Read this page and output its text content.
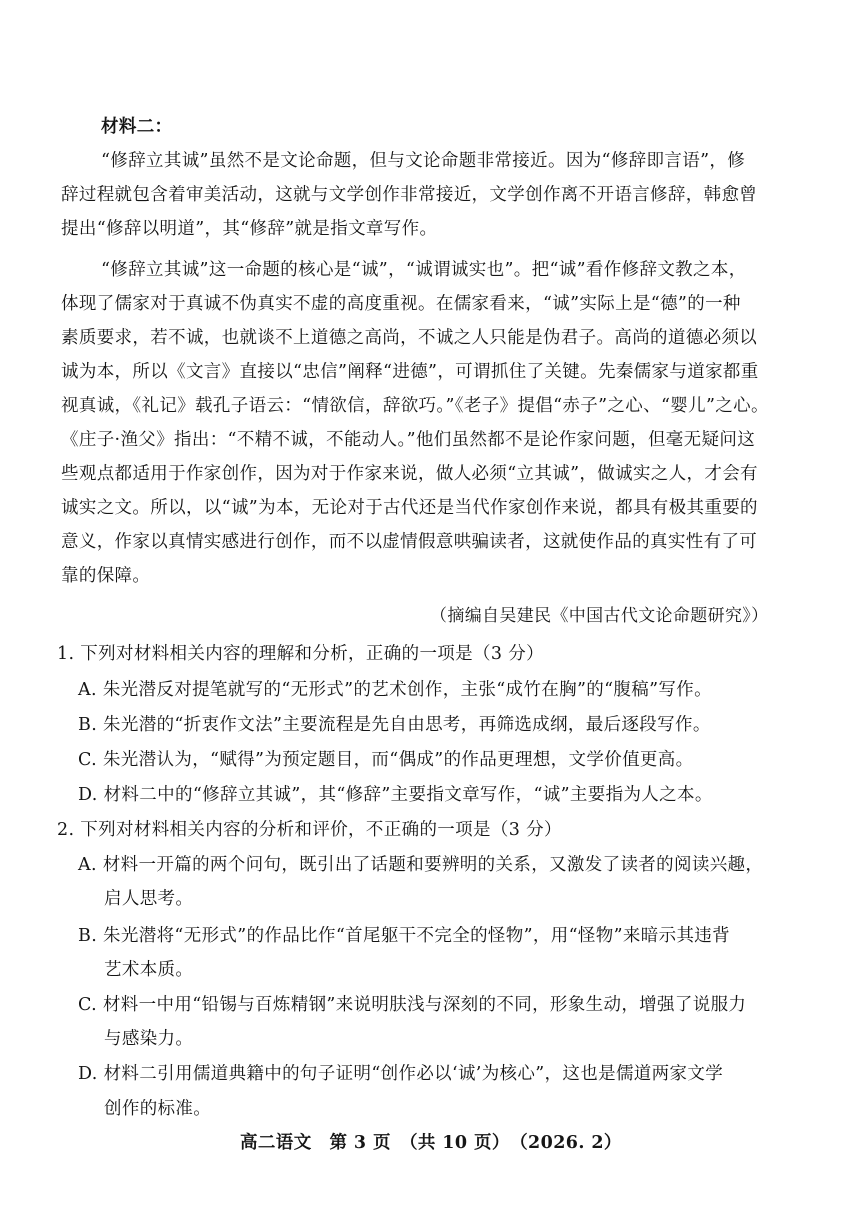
材料二：
“修辞立其诚”虽然不是文论命题，但与文论命题非常接近。因为“修辞即言语”，修
辞过程就包含着审美活动，这就与文学创作非常接近，文学创作离不开语言修辞，韩愈曾
提出“修辞以明道”，其“修辞”就是指文章写作。
“修辞立其诚”这一命题的核心是“诚”，“诚谓诚实也”。把“诚”看作修辞文教之本，
体现了儒家对于真诚不伪真实不虚的高度重视。在儒家看来，“诚”实际上是“德”的一种
素质要求，若不诚，也就谈不上道德之高尚，不诚之人只能是伪君子。高尚的道德必须以
诚为本，所以《文言》直接以“忠信”阐释“进德”，可谓抓住了关键。先秦儒家与道家都重
视真诚，《礼记》载孔子语云：“情欲信，辞欲巧。”《老子》提倡“赤子”之心、“婴儿”之心。
《庄子·渔父》指出：“不精不诚，不能动人。”他们虽然都不是论作家问题，但毫无疑问这
些观点都适用于作家创作，因为对于作家来说，做人必须“立其诚”，做诚实之人，才会有
诚实之文。所以，以“诚”为本，无论对于古代还是当代作家创作来说，都具有极其重要的
意义，作家以真情实感进行创作，而不以虚情假意哄骗读者，这就使作品的真实性有了可
靠的保障。
（摘编自吴建民《中国古代文论命题研究》）
1. 下列对材料相关内容的理解和分析，正确的一项是（3 分）
A. 朱光潜反对提笔就写的“无形式”的艺术创作，主张“成竹在胸”的“腹稿”写作。
B. 朱光潜的“折衷作文法”主要流程是先自由思考，再筛选成纲，最后逐段写作。
C. 朱光潜认为，“赋得”为预定题目，而“偶成”的作品更理想，文学价值更高。
D. 材料二中的“修辞立其诚”，其“修辞”主要指文章写作，“诚”主要指为人之本。
2. 下列对材料相关内容的分析和评价，不正确的一项是（3 分）
A. 材料一开篇的两个问句，既引出了话题和要辨明的关系，又激发了读者的阅读兴趣，
启人思考。
B. 朱光潜将“无形式”的作品比作“首尾躯干不完全的怪物”，用“怪物”来暗示其违背
艺术本质。
C. 材料一中用“铅锡与百炼精钢”来说明肤浅与深刻的不同，形象生动，增强了说服力
与感染力。
D. 材料二引用儒道典籍中的句子证明“创作必以‘诚’为核心”，这也是儒道两家文学
创作的标准。
高二语文　第 3 页　（共 10 页）　（2026. 2）
